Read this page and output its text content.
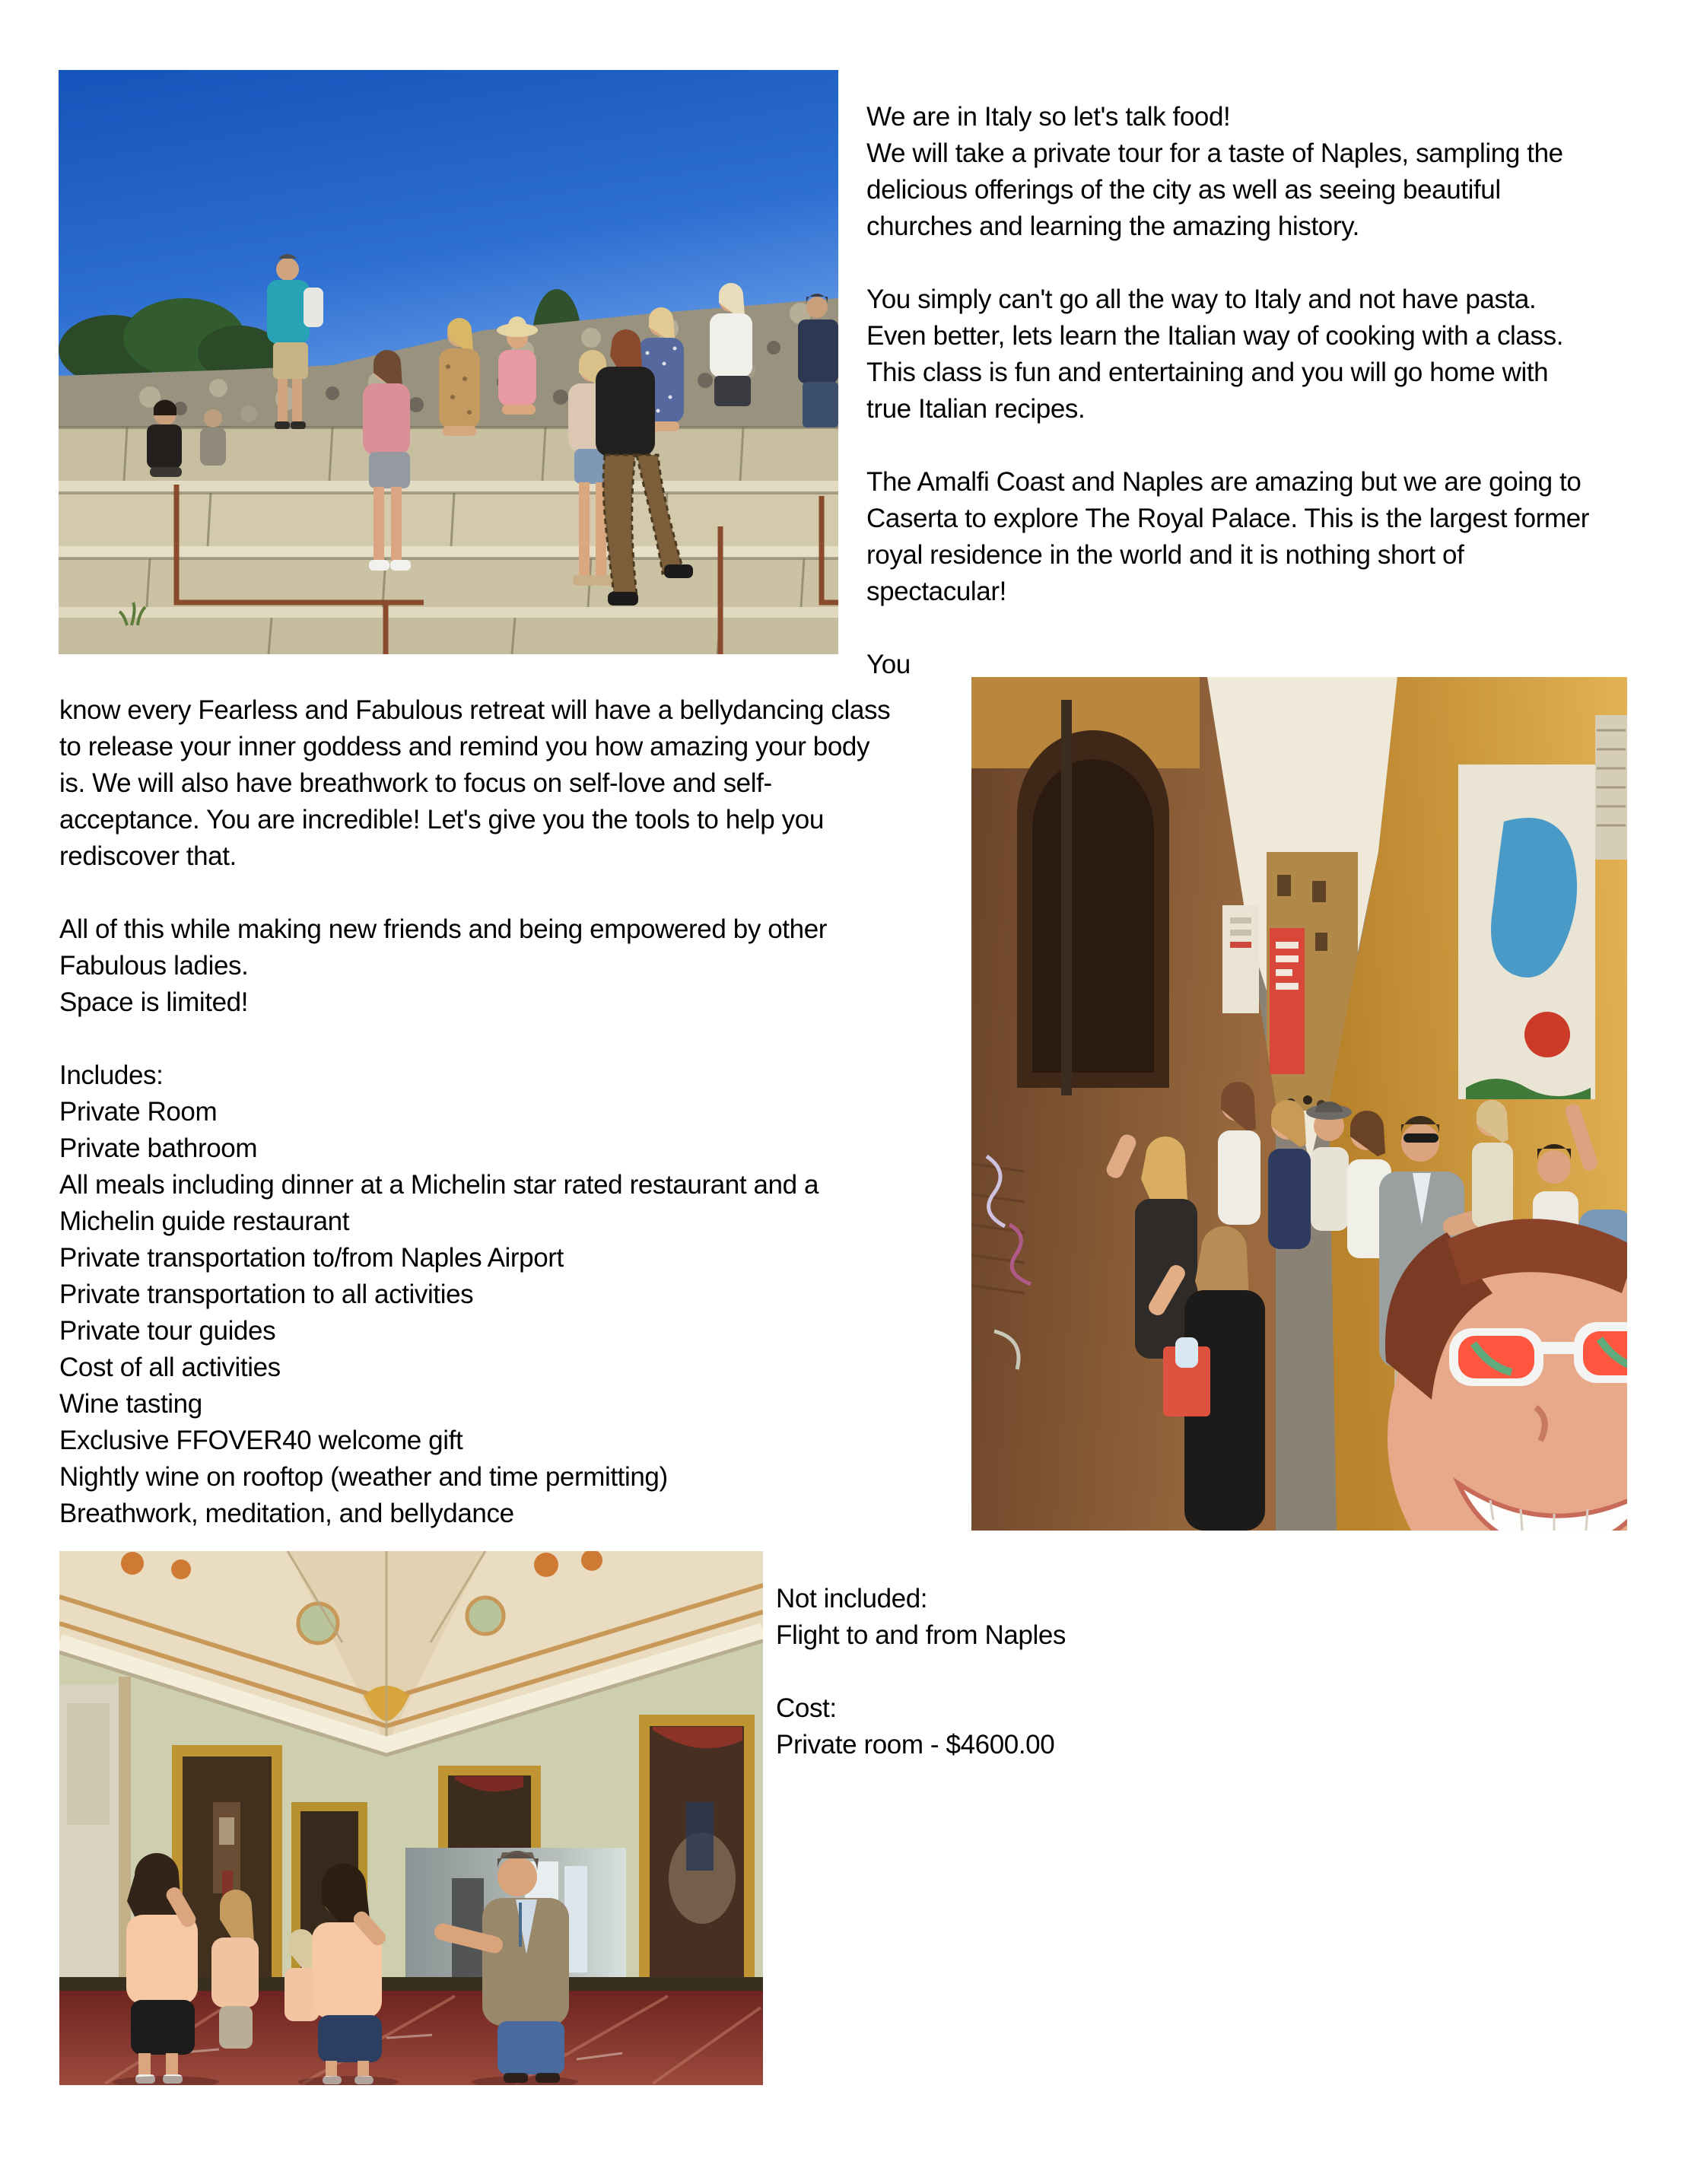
We are in Italy so let's talk food!
We will take a private tour for a taste of Naples, sampling the
delicious offerings of the city as well as seeing beautiful
churches and learning the amazing history.

You simply can't go all the way to Italy and not have pasta.
Even better, lets learn the Italian way of cooking with a class.
This class is fun and entertaining and you will go home with
true Italian recipes.

The Amalfi Coast and Naples are amazing but we are going to
Caserta to explore The Royal Palace. This is the largest former
royal residence in the world and it is nothing short of
spectacular!

You
know every Fearless and Fabulous retreat will have a bellydancing class
to release your inner goddess and remind you how amazing your body
is. We will also have breathwork to focus on self-love and self-
acceptance. You are incredible! Let's give you the tools to help you
rediscover that.

All of this while making new friends and being empowered by other
Fabulous ladies.
Space is limited!

Includes:
Private Room
Private bathroom
All meals including dinner at a Michelin star rated restaurant and a
Michelin guide restaurant
Private transportation to/from Naples Airport
Private transportation to all activities
Private tour guides
Cost of all activities
Wine tasting
Exclusive FFOVER40 welcome gift
Nightly wine on rooftop (weather and time permitting)
Breathwork, meditation, and bellydance
Not included:
Flight to and from Naples

Cost:
Private room - $4600.00
